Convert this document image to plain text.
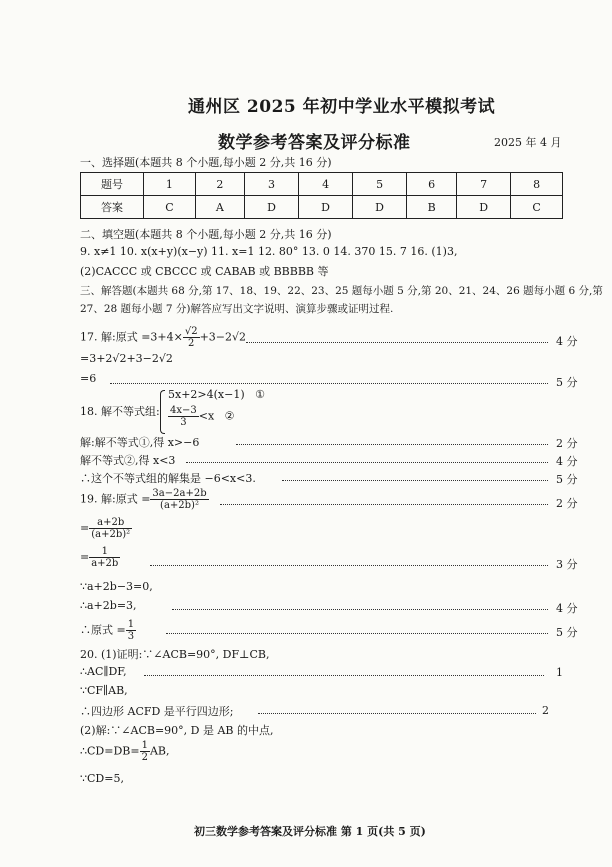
通州区 2025 年初中学业水平模拟考试
数学参考答案及评分标准	2025 年 4 月
一、选择题(本题共 8 个小题,每小题 2 分,共 16 分)
题号	1	2	3	4	5	6	7	8
答案	C	A	D	D	D	B	D	C
二、填空题(本题共 8 个小题,每小题 2 分,共 16 分)
9. x≠1 10. x(x+y)(x−y) 11. x=1 12. 80° 13. 0 14. 370 15. 7 16. (1)3,
(2)CACCC 或 CBCCC 或 CABAB 或 BBBBB 等
三、解答题(本题共 68 分,第 17、18、19、22、23、25 题每小题 5 分,第 20、21、24、26 题每小题 6 分,第
27、28 题每小题 7 分)解答应写出文字说明、演算步骤或证明过程.
17. 解:原式 $=3+4\times \frac{√2}{2} +3-2√2$	4 分
=3+2√2+3−2√2
=6	5 分
18. 解不等式组:
5x+2>4(x−1) ①
$\frac{4x-3}{3} <x$ ②
解:解不等式①,得 x>−6	2 分
解不等式②,得 x<3	4 分
∴这个不等式组的解集是 −6<x<3.	5 分
19. 解:原式 = $\frac{3a-2a+2b}{\text{(a+2b)²}}$	2 分
= $\frac{a+2b}{\text{(a+2b)²}}$
= $\frac{1}{a+2b}$	3 分
∵a+2b−3=0,
∴a+2b=3,	4 分
∴原式 = $\frac{1}{3}$	5 分
20. (1)证明:∵∠ACB=90°, DF⊥CB,
∴AC∥DF,	1
∵CF∥AB,
∴四边形 ACFD 是平行四边形;	2
(2)解:∵∠ACB=90°, D 是 AB 的中点,
∴CD=DB= $\frac{1}{2}$ AB,
∵CD=5,
初三数学参考答案及评分标准 第 1 页(共 5 页)
